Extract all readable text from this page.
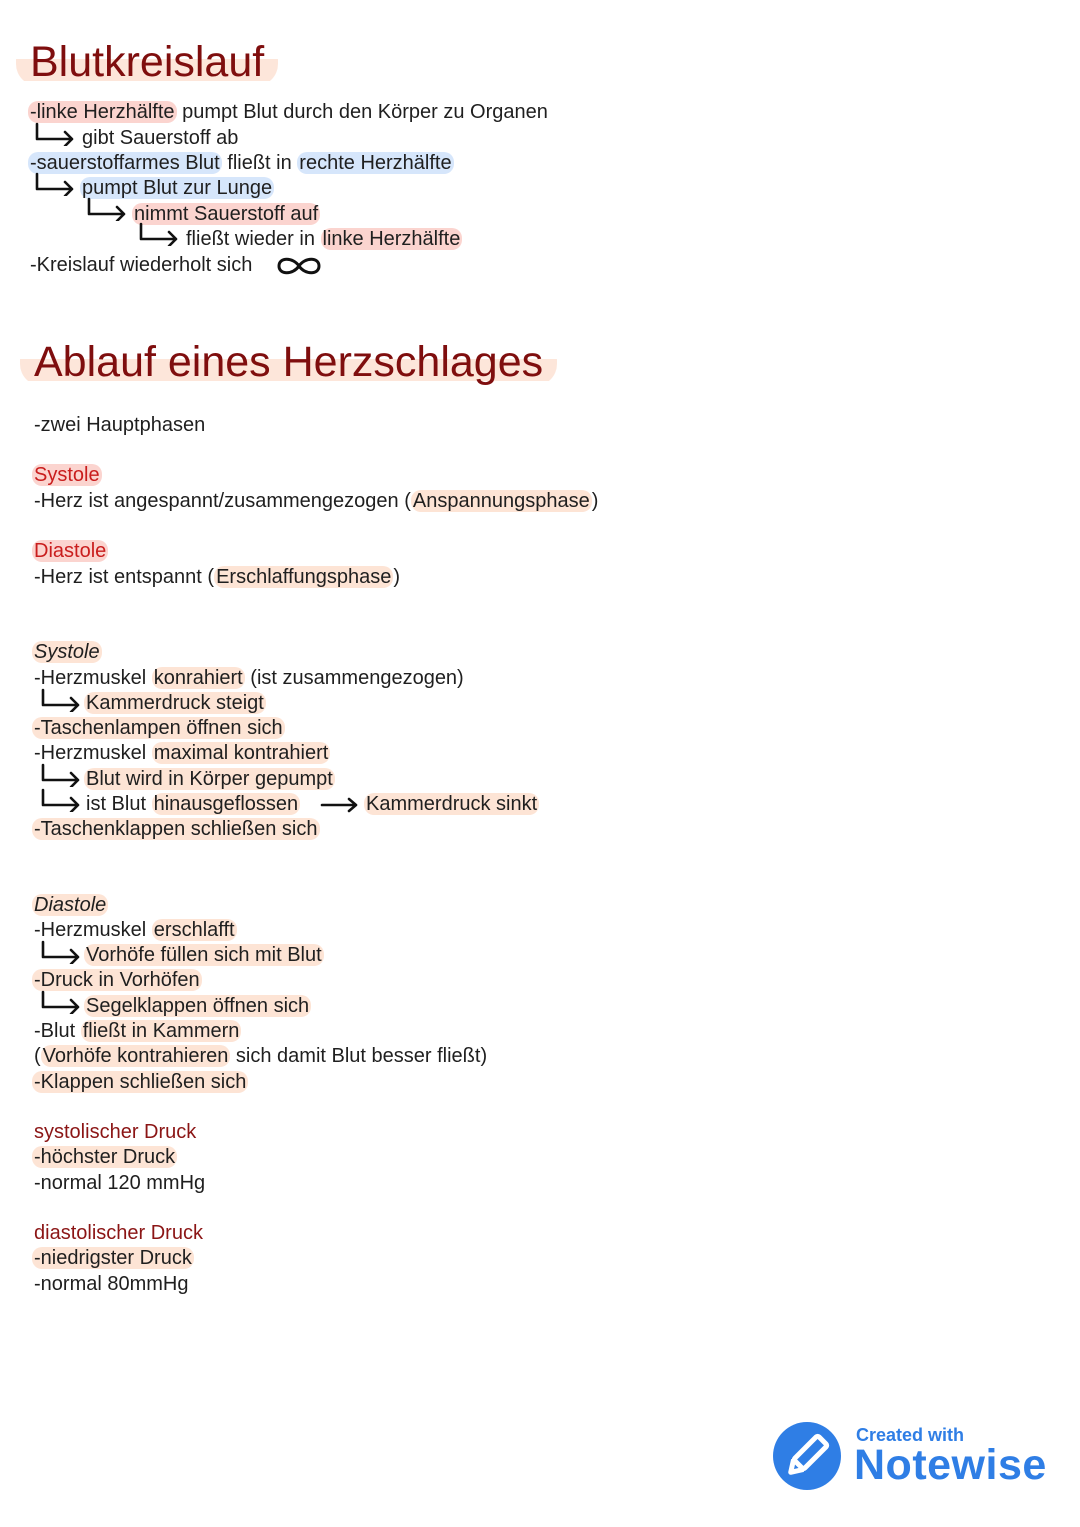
Blutkreislauf
-linke Herzhälfte pumpt Blut durch den Körper zu Organen
gibt Sauerstoff ab
-sauerstoffarmes Blut fließt in rechte Herzhälfte
pumpt Blut zur Lunge
nimmt Sauerstoff auf
fließt wieder in linke Herzhälfte
-Kreislauf wiederholt sich
Ablauf eines Herzschlages
-zwei Hauptphasen
Systole
-Herz ist angespannt/zusammengezogen ( Anspannungsphase )
Diastole
-Herz ist entspannt ( Erschlaffungsphase )
Systole
-Herzmuskel konrahiert (ist zusammengezogen)
Kammerdruck steigt
-Taschenlampen öffnen sich
-Herzmuskel maximal kontrahiert
Blut wird in Körper gepumpt
ist Blut hinausgeflossen	Kammerdruck sinkt
-Taschenklappen schließen sich
Diastole
-Herzmuskel erschlafft
Vorhöfe füllen sich mit Blut
-Druck in Vorhöfen
Segelklappen öffnen sich
-Blut fließt in Kammern
( Vorhöfe kontrahieren sich damit Blut besser fließt)
-Klappen schließen sich
systolischer Druck
-höchster Druck
-normal 120 mmHg
diastolischer Druck
-niedrigster Druck
-normal 80mmHg
Created with
Notewise
